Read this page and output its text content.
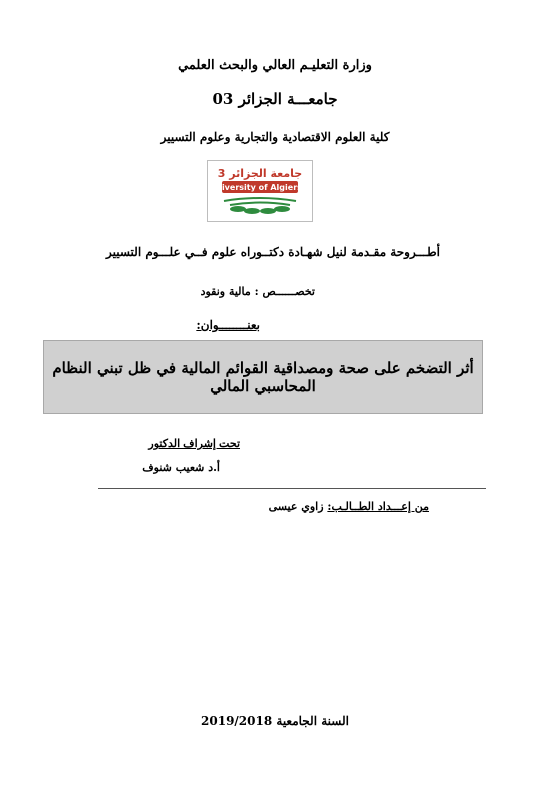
وزارة التعليـم العالي والبحث العلمي
جامعـــة الجزائر 03
كلية العلوم الاقتصادية والتجارية وعلوم التسيير
جامعة الجزائر 3
University of Algiers 3
أطـــروحة مقـدمة لنيل شهـادة دكتــوراه علوم فــي علـــوم التسيير
تخصــــــص : مالية ونقود
بعنــــــــوان:
أثر التضخم على صحة ومصداقية القوائم المالية في ظل تبني النظام المحاسبي المالي
تحت إشراف الدكتور
أ.د شعيب شنوف
من إعـــداد الطــالـب: زاوي عيسى
السنة الجامعية 2019/2018
